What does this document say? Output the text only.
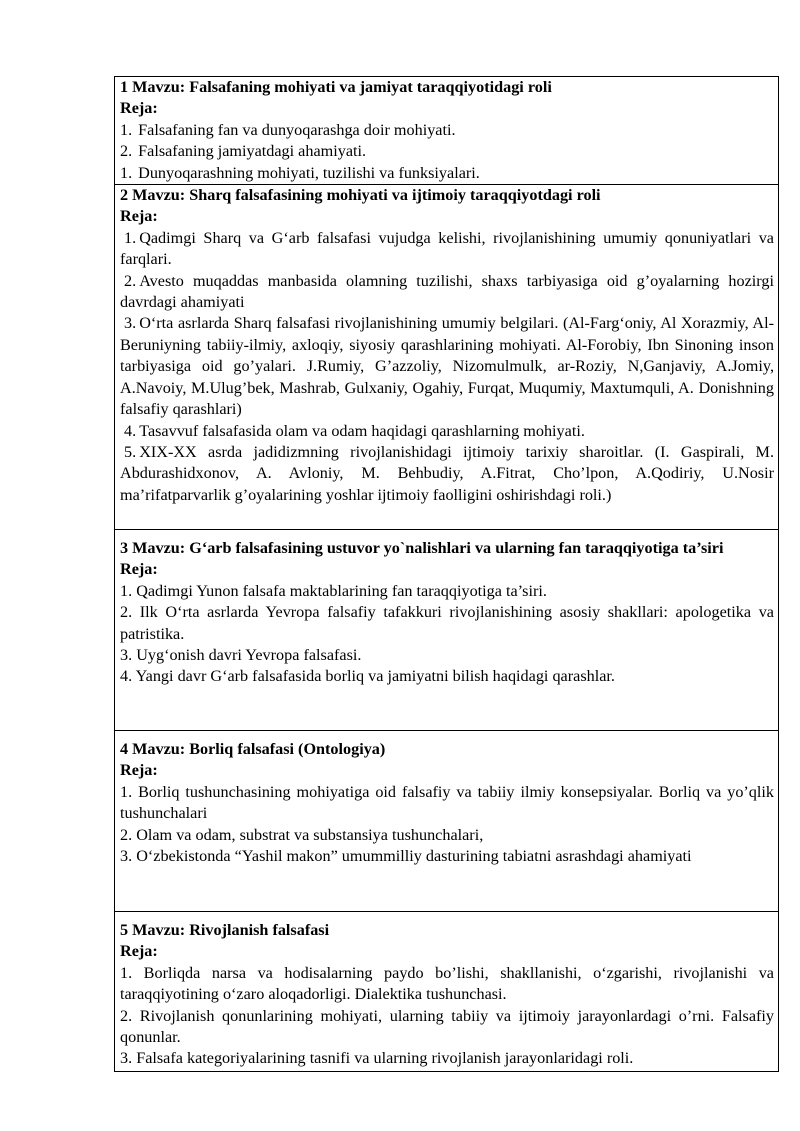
1 Mavzu: Falsafaning mohiyati va jamiyat taraqqiyotidagi roli
Reja:
1. Falsafaning fan va dunyoqarashga doir mohiyati.
2. Falsafaning jamiyatdagi ahamiyati.
1. Dunyoqarashning mohiyati, tuzilishi va funksiyalari.

2 Mavzu: Sharq falsafasining mohiyati va ijtimoiy taraqqiyotdagi roli
Reja:
 1. Qadimgi Sharq va G‘arb falsafasi vujudga kelishi, rivojlanishining umumiy qonuniyatlari va farqlari.
 2. Avesto muqaddas manbasida olamning tuzilishi, shaxs tarbiyasiga oid g’oyalarning hozirgi davrdagi ahamiyati
 3. O‘rta asrlarda Sharq falsafasi rivojlanishining umumiy belgilari. (Al-Farg‘oniy, Al Xorazmiy, Al-Beruniyning tabiiy-ilmiy, axloqiy, siyosiy qarashlarining mohiyati. Al-Forobiy, Ibn Sinoning inson tarbiyasiga oid go’yalari. J.Rumiy, G’azzoliy, Nizomulmulk, ar-Roziy, N,Ganjaviy, A.Jomiy, A.Navoiy, M.Ulug’bek, Mashrab, Gulxaniy, Ogahiy, Furqat, Muqumiy, Maxtumquli, A. Donishning falsafiy qarashlari)
 4. Tasavvuf falsafasida olam va odam haqidagi qarashlarning mohiyati.
 5. XIX-XX asrda jadidizmning rivojlanishidagi ijtimoiy tarixiy sharoitlar. (I. Gaspirali, M. Abdurashidxonov, A. Avloniy, M. Behbudiy, A.Fitrat, Cho’lpon, A.Qodiriy, U.Nosir ma’rifatparvarlik g’oyalarining yoshlar ijtimoiy faolligini oshirishdagi roli.)

3 Mavzu: G‘arb falsafasining ustuvor yo`nalishlari va ularning fan taraqqiyotiga ta’siri
Reja:
1. Qadimgi Yunon falsafa maktablarining fan taraqqiyotiga ta’siri.
2. Ilk O‘rta asrlarda Yevropa falsafiy tafakkuri rivojlanishining asosiy shakllari: apologetika va patristika.
3. Uyg‘onish davri Yevropa falsafasi.
4. Yangi davr G‘arb falsafasida borliq va jamiyatni bilish haqidagi qarashlar.

4 Mavzu: Borliq falsafasi (Ontologiya)
Reja:
1. Borliq tushunchasining mohiyatiga oid falsafiy va tabiiy ilmiy konsepsiyalar. Borliq va yo’qlik tushunchalari
2. Olam va odam, substrat va substansiya tushunchalari,
3. O‘zbekistonda “Yashil makon” umummilliy dasturining tabiatni asrashdagi ahamiyati

5 Mavzu: Rivojlanish falsafasi
Reja:
1. Borliqda narsa va hodisalarning paydo bo’lishi, shakllanishi, o‘zgarishi, rivojlanishi va taraqqiyotining o‘zaro aloqadorligi. Dialektika tushunchasi.
2. Rivojlanish qonunlarining mohiyati, ularning tabiiy va ijtimoiy jarayonlardagi o’rni. Falsafiy qonunlar.
3. Falsafa kategoriyalarining tasnifi va ularning rivojlanish jarayonlaridagi roli.
